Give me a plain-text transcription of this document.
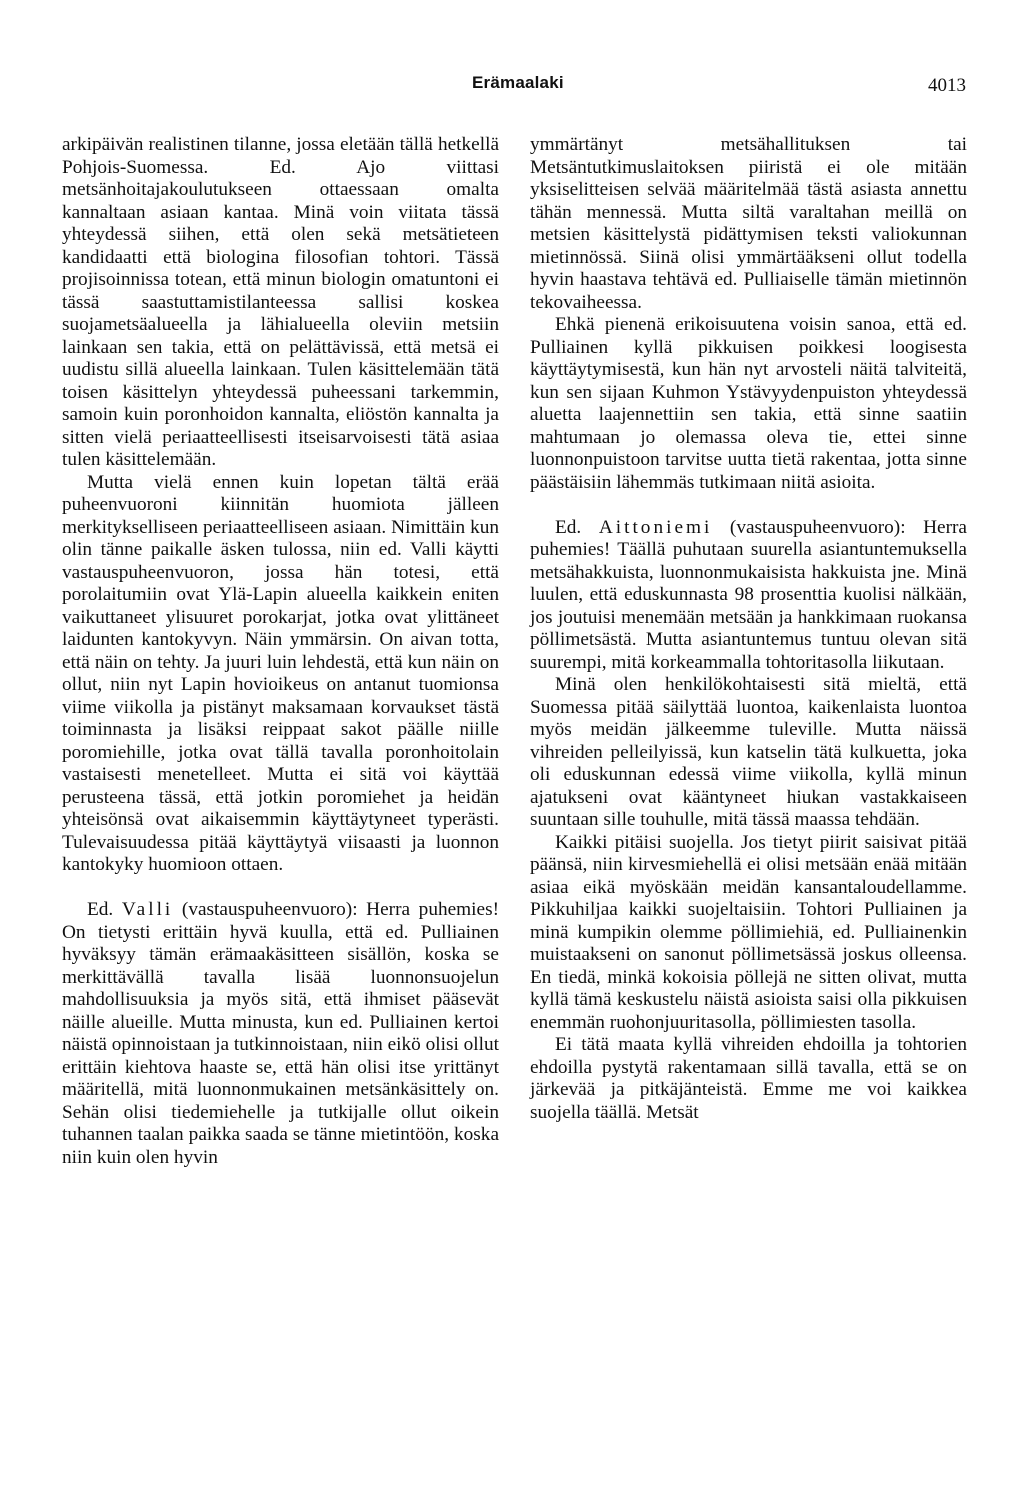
Erämaalaki	4013

arkipäivän realistinen tilanne, jossa eletään tällä hetkellä Pohjois-Suomessa. Ed. Ajo viittasi metsänhoitajakoulutukseen ottaessaan omalta kannaltaan asiaan kantaa. Minä voin viitata tässä yhteydessä siihen, että olen sekä metsätieteen kandidaatti että biologina filosofian tohtori. Tässä projisoinnissa totean, että minun biologin omatuntoni ei tässä saastuttamistilanteessa sallisi koskea suojametsäalueella ja lähialueella oleviin metsiin lainkaan sen takia, että on pelättävissä, että metsä ei uudistu sillä alueella lainkaan. Tulen käsittelemään tätä toisen käsittelyn yhteydessä puheessani tarkemmin, samoin kuin poronhoidon kannalta, eliöstön kannalta ja sitten vielä periaatteellisesti itseisarvoisesti tätä asiaa tulen käsittelemään.

Mutta vielä ennen kuin lopetan tältä erää puheenvuoroni kiinnitän huomiota jälleen merkitykselliseen periaatteelliseen asiaan. Nimittäin kun olin tänne paikalle äsken tulossa, niin ed. Valli käytti vastauspuheenvuoron, jossa hän totesi, että porolaitumiin ovat Ylä-Lapin alueella kaikkein eniten vaikuttaneet ylisuuret porokarjat, jotka ovat ylittäneet laidunten kantokyvyn. Näin ymmärsin. On aivan totta, että näin on tehty. Ja juuri luin lehdestä, että kun näin on ollut, niin nyt Lapin hovioikeus on antanut tuomionsa viime viikolla ja pistänyt maksamaan korvaukset tästä toiminnasta ja lisäksi reippaat sakot päälle niille poromiehille, jotka ovat tällä tavalla poronhoitolain vastaisesti menetelleet. Mutta ei sitä voi käyttää perusteena tässä, että jotkin poromiehet ja heidän yhteisönsä ovat aikaisemmin käyttäytyneet typerästi. Tulevaisuudessa pitää käyttäytyä viisaasti ja luonnon kantokyky huomioon ottaen.

Ed. Valli (vastauspuheenvuoro): Herra puhemies! On tietysti erittäin hyvä kuulla, että ed. Pulliainen hyväksyy tämän erämaakäsitteen sisällön, koska se merkittävällä tavalla lisää luonnonsuojelun mahdollisuuksia ja myös sitä, että ihmiset pääsevät näille alueille. Mutta minusta, kun ed. Pulliainen kertoi näistä opinnoistaan ja tutkinnoistaan, niin eikö olisi ollut erittäin kiehtova haaste se, että hän olisi itse yrittänyt määritellä, mitä luonnonmukainen metsänkäsittely on. Sehän olisi tiedemiehelle ja tutkijalle ollut oikein tuhannen taalan paikka saada se tänne mietintöön, koska niin kuin olen hyvin

ymmärtänyt metsähallituksen tai Metsäntutkimuslaitoksen piiristä ei ole mitään yksiselitteisen selvää määritelmää tästä asiasta annettu tähän mennessä. Mutta siltä varaltahan meillä on metsien käsittelystä pidättymisen teksti valiokunnan mietinnössä. Siinä olisi ymmärtääkseni ollut todella hyvin haastava tehtävä ed. Pulliaiselle tämän mietinnön tekovaiheessa.

Ehkä pienenä erikoisuutena voisin sanoa, että ed. Pulliainen kyllä pikkuisen poikkesi loogisesta käyttäytymisestä, kun hän nyt arvosteli näitä talviteitä, kun sen sijaan Kuhmon Ystävyydenpuiston yhteydessä aluetta laajennettiin sen takia, että sinne saatiin mahtumaan jo olemassa oleva tie, ettei sinne luonnonpuistoon tarvitse uutta tietä rakentaa, jotta sinne päästäisiin lähemmäs tutkimaan niitä asioita.

Ed. Aittoniemi (vastauspuheenvuoro): Herra puhemies! Täällä puhutaan suurella asiantuntemuksella metsähakkuista, luonnonmukaisista hakkuista jne. Minä luulen, että eduskunnasta 98 prosenttia kuolisi nälkään, jos joutuisi menemään metsään ja hankkimaan ruokansa pöllimetsästä. Mutta asiantuntemus tuntuu olevan sitä suurempi, mitä korkeammalla tohtoritasolla liikutaan.

Minä olen henkilökohtaisesti sitä mieltä, että Suomessa pitää säilyttää luontoa, kaikenlaista luontoa myös meidän jälkeemme tuleville. Mutta näissä vihreiden pelleilyissä, kun katselin tätä kulkuetta, joka oli eduskunnan edessä viime viikolla, kyllä minun ajatukseni ovat kääntyneet hiukan vastakkaiseen suuntaan sille touhulle, mitä tässä maassa tehdään.

Kaikki pitäisi suojella. Jos tietyt piirit saisivat pitää päänsä, niin kirvesmiehellä ei olisi metsään enää mitään asiaa eikä myöskään meidän kansantaloudellamme. Pikkuhiljaa kaikki suojeltaisiin. Tohtori Pulliainen ja minä kumpikin olemme pöllimiehiä, ed. Pulliainenkin muistaakseni on sanonut pöllimetsässä joskus olleensa. En tiedä, minkä kokoisia pöllejä ne sitten olivat, mutta kyllä tämä keskustelu näistä asioista saisi olla pikkuisen enemmän ruohonjuuritasolla, pöllimiesten tasolla.

Ei tätä maata kyllä vihreiden ehdoilla ja tohtorien ehdoilla pystytä rakentamaan sillä tavalla, että se on järkevää ja pitkäjänteistä. Emme me voi kaikkea suojella täällä. Metsät
